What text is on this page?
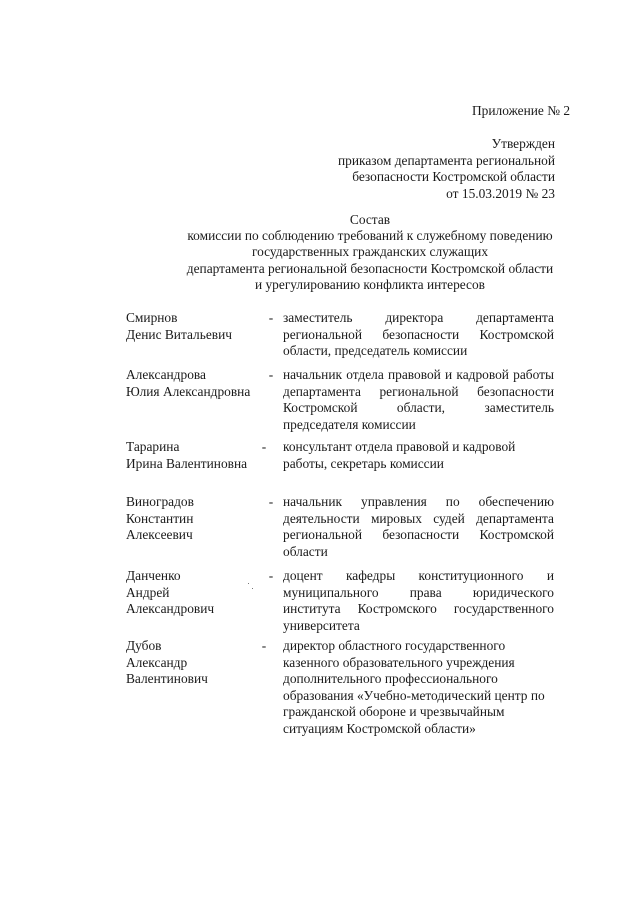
Приложение № 2
Утвержден
приказом департамента региональной
безопасности Костромской области
от 15.03.2019 № 23
Состав
комиссии по соблюдению требований к служебному поведению
государственных гражданских служащих
департамента региональной безопасности Костромской области
и урегулированию конфликта интересов
Смирнов
Денис Витальевич
- заместитель директора департамента региональной безопасности Костромской области, председатель комиссии
Александрова
Юлия Александровна
- начальник отдела правовой и кадровой работы департамента региональной безопасности Костромской области, заместитель председателя комиссии
Тарарина
Ирина Валентиновна
- консультант отдела правовой и кадровой работы, секретарь комиссии
Виноградов
Константин
Алексеевич
- начальник управления по обеспечению деятельности мировых судей департамента региональной безопасности Костромской области
Данченко
Андрей
Александрович
- доцент кафедры конституционного и муниципального права юридического института Костромского государственного университета
Дубов
Александр
Валентинович
- директор областного государственного казенного образовательного учреждения дополнительного профессионального образования «Учебно-методический центр по гражданской обороне и чрезвычайным ситуациям Костромской области»
